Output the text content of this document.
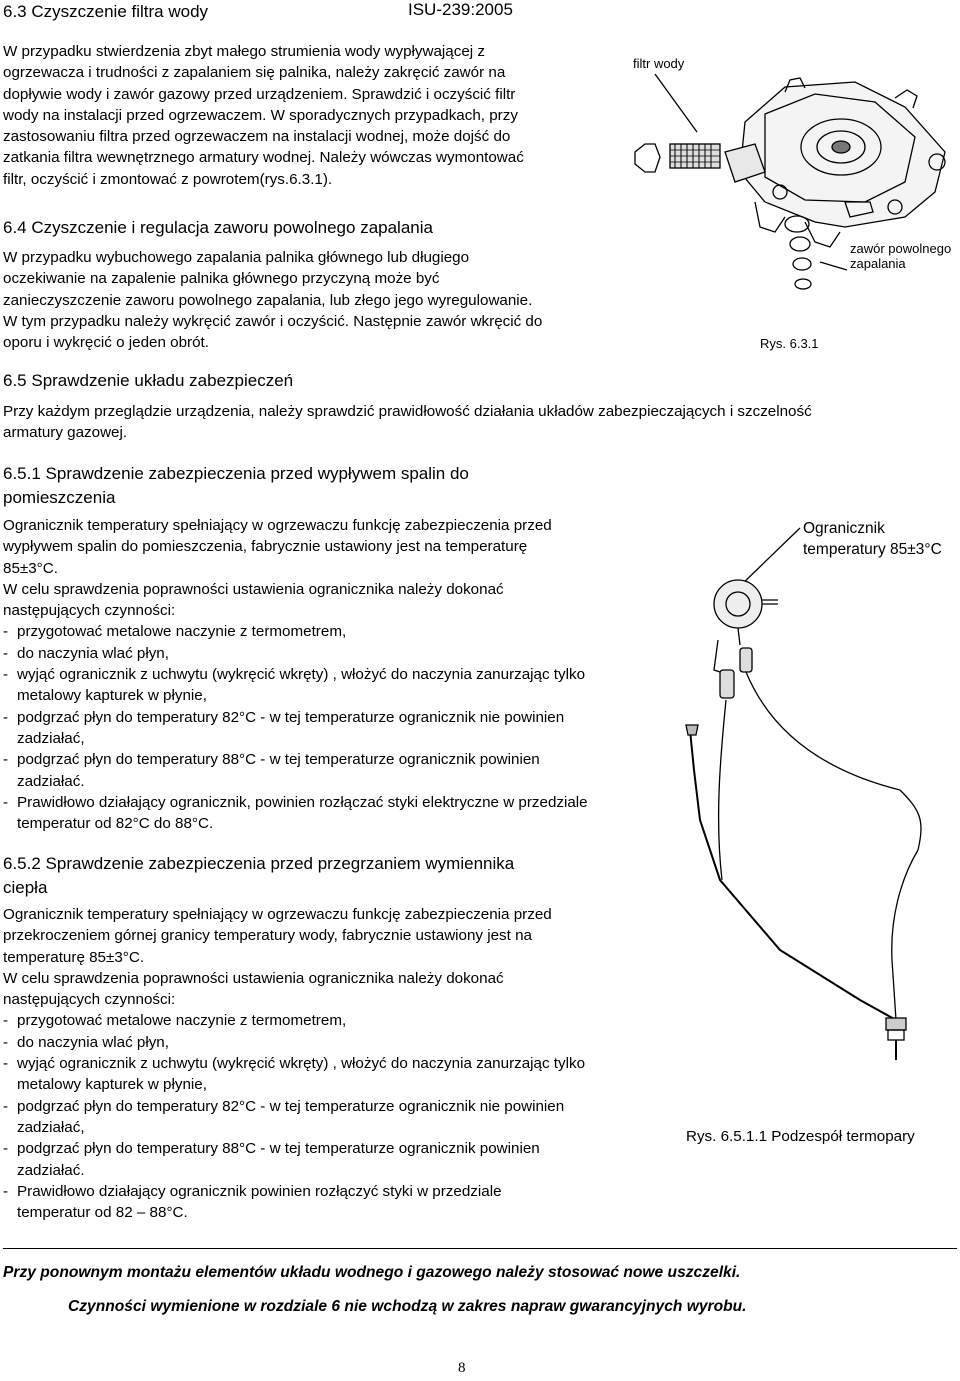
6.3 Czyszczenie filtra wody	ISU-239:2005
W przypadku stwierdzenia zbyt małego strumienia wody wypływającej z
ogrzewacza i trudności z zapalaniem się palnika, należy zakręcić zawór na
dopływie wody i zawór gazowy przed urządzeniem. Sprawdzić i oczyścić filtr
wody na instalacji przed ogrzewaczem. W sporadycznych przypadkach, przy
zastosowaniu filtra przed ogrzewaczem na instalacji wodnej, może dojść do
zatkania filtra wewnętrznego armatury wodnej. Należy wówczas wymontować
filtr, oczyścić i zmontować z powrotem(rys.6.3.1).
filtr wody
zawór powolnego
zapalania
Rys. 6.3.1
6.4 Czyszczenie i regulacja zaworu powolnego zapalania
W przypadku wybuchowego zapalania palnika głównego lub długiego
oczekiwanie na zapalenie palnika głównego przyczyną może być
zanieczyszczenie zaworu powolnego zapalania, lub złego jego wyregulowanie.
W tym przypadku należy wykręcić zawór i oczyścić. Następnie zawór wkręcić do
oporu i wykręcić o jeden obrót.
6.5 Sprawdzenie układu zabezpieczeń
Przy każdym przeglądzie urządzenia, należy sprawdzić prawidłowość działania układów zabezpieczających i szczelność
armatury gazowej.
6.5.1 Sprawdzenie zabezpieczenia przed wypływem spalin do
pomieszczenia
Ogranicznik temperatury spełniający w ogrzewaczu funkcję zabezpieczenia przed
wypływem spalin do pomieszczenia, fabrycznie ustawiony jest na temperaturę
85±3°C.
W celu sprawdzenia poprawności ustawienia ogranicznika należy dokonać
następujących czynności:
- przygotować metalowe naczynie z termometrem,
- do naczynia wlać płyn,
- wyjąć ogranicznik z uchwytu (wykręcić wkręty) , włożyć do naczynia zanurzając tylko
metalowy kapturek w płynie,
- podgrzać płyn do temperatury 82°C - w tej temperaturze ogranicznik nie powinien
zadziałać,
- podgrzać płyn do temperatury 88°C - w tej temperaturze ogranicznik powinien
zadziałać.
- Prawidłowo działający ogranicznik, powinien rozłączać styki elektryczne w przedziale
temperatur od 82°C do 88°C.
Ogranicznik
temperatury 85±3°C
Rys. 6.5.1.1 Podzespół termopary
6.5.2 Sprawdzenie zabezpieczenia przed przegrzaniem wymiennika
ciepła
Ogranicznik temperatury spełniający w ogrzewaczu funkcję zabezpieczenia przed
przekroczeniem górnej granicy temperatury wody, fabrycznie ustawiony jest na
temperaturę 85±3°C.
W celu sprawdzenia poprawności ustawienia ogranicznika należy dokonać
następujących czynności:
- przygotować metalowe naczynie z termometrem,
- do naczynia wlać płyn,
- wyjąć ogranicznik z uchwytu (wykręcić wkręty) , włożyć do naczynia zanurzając tylko
metalowy kapturek w płynie,
- podgrzać płyn do temperatury 82°C - w tej temperaturze ogranicznik nie powinien
zadziałać,
- podgrzać płyn do temperatury 88°C - w tej temperaturze ogranicznik powinien
zadziałać.
- Prawidłowo działający ogranicznik powinien rozłączyć styki w przedziale
temperatur od 82 – 88°C.
Przy ponownym montażu elementów układu wodnego i gazowego należy stosować nowe uszczelki.
Czynności wymienione w rozdziale 6 nie wchodzą w zakres napraw gwarancyjnych wyrobu.
8
